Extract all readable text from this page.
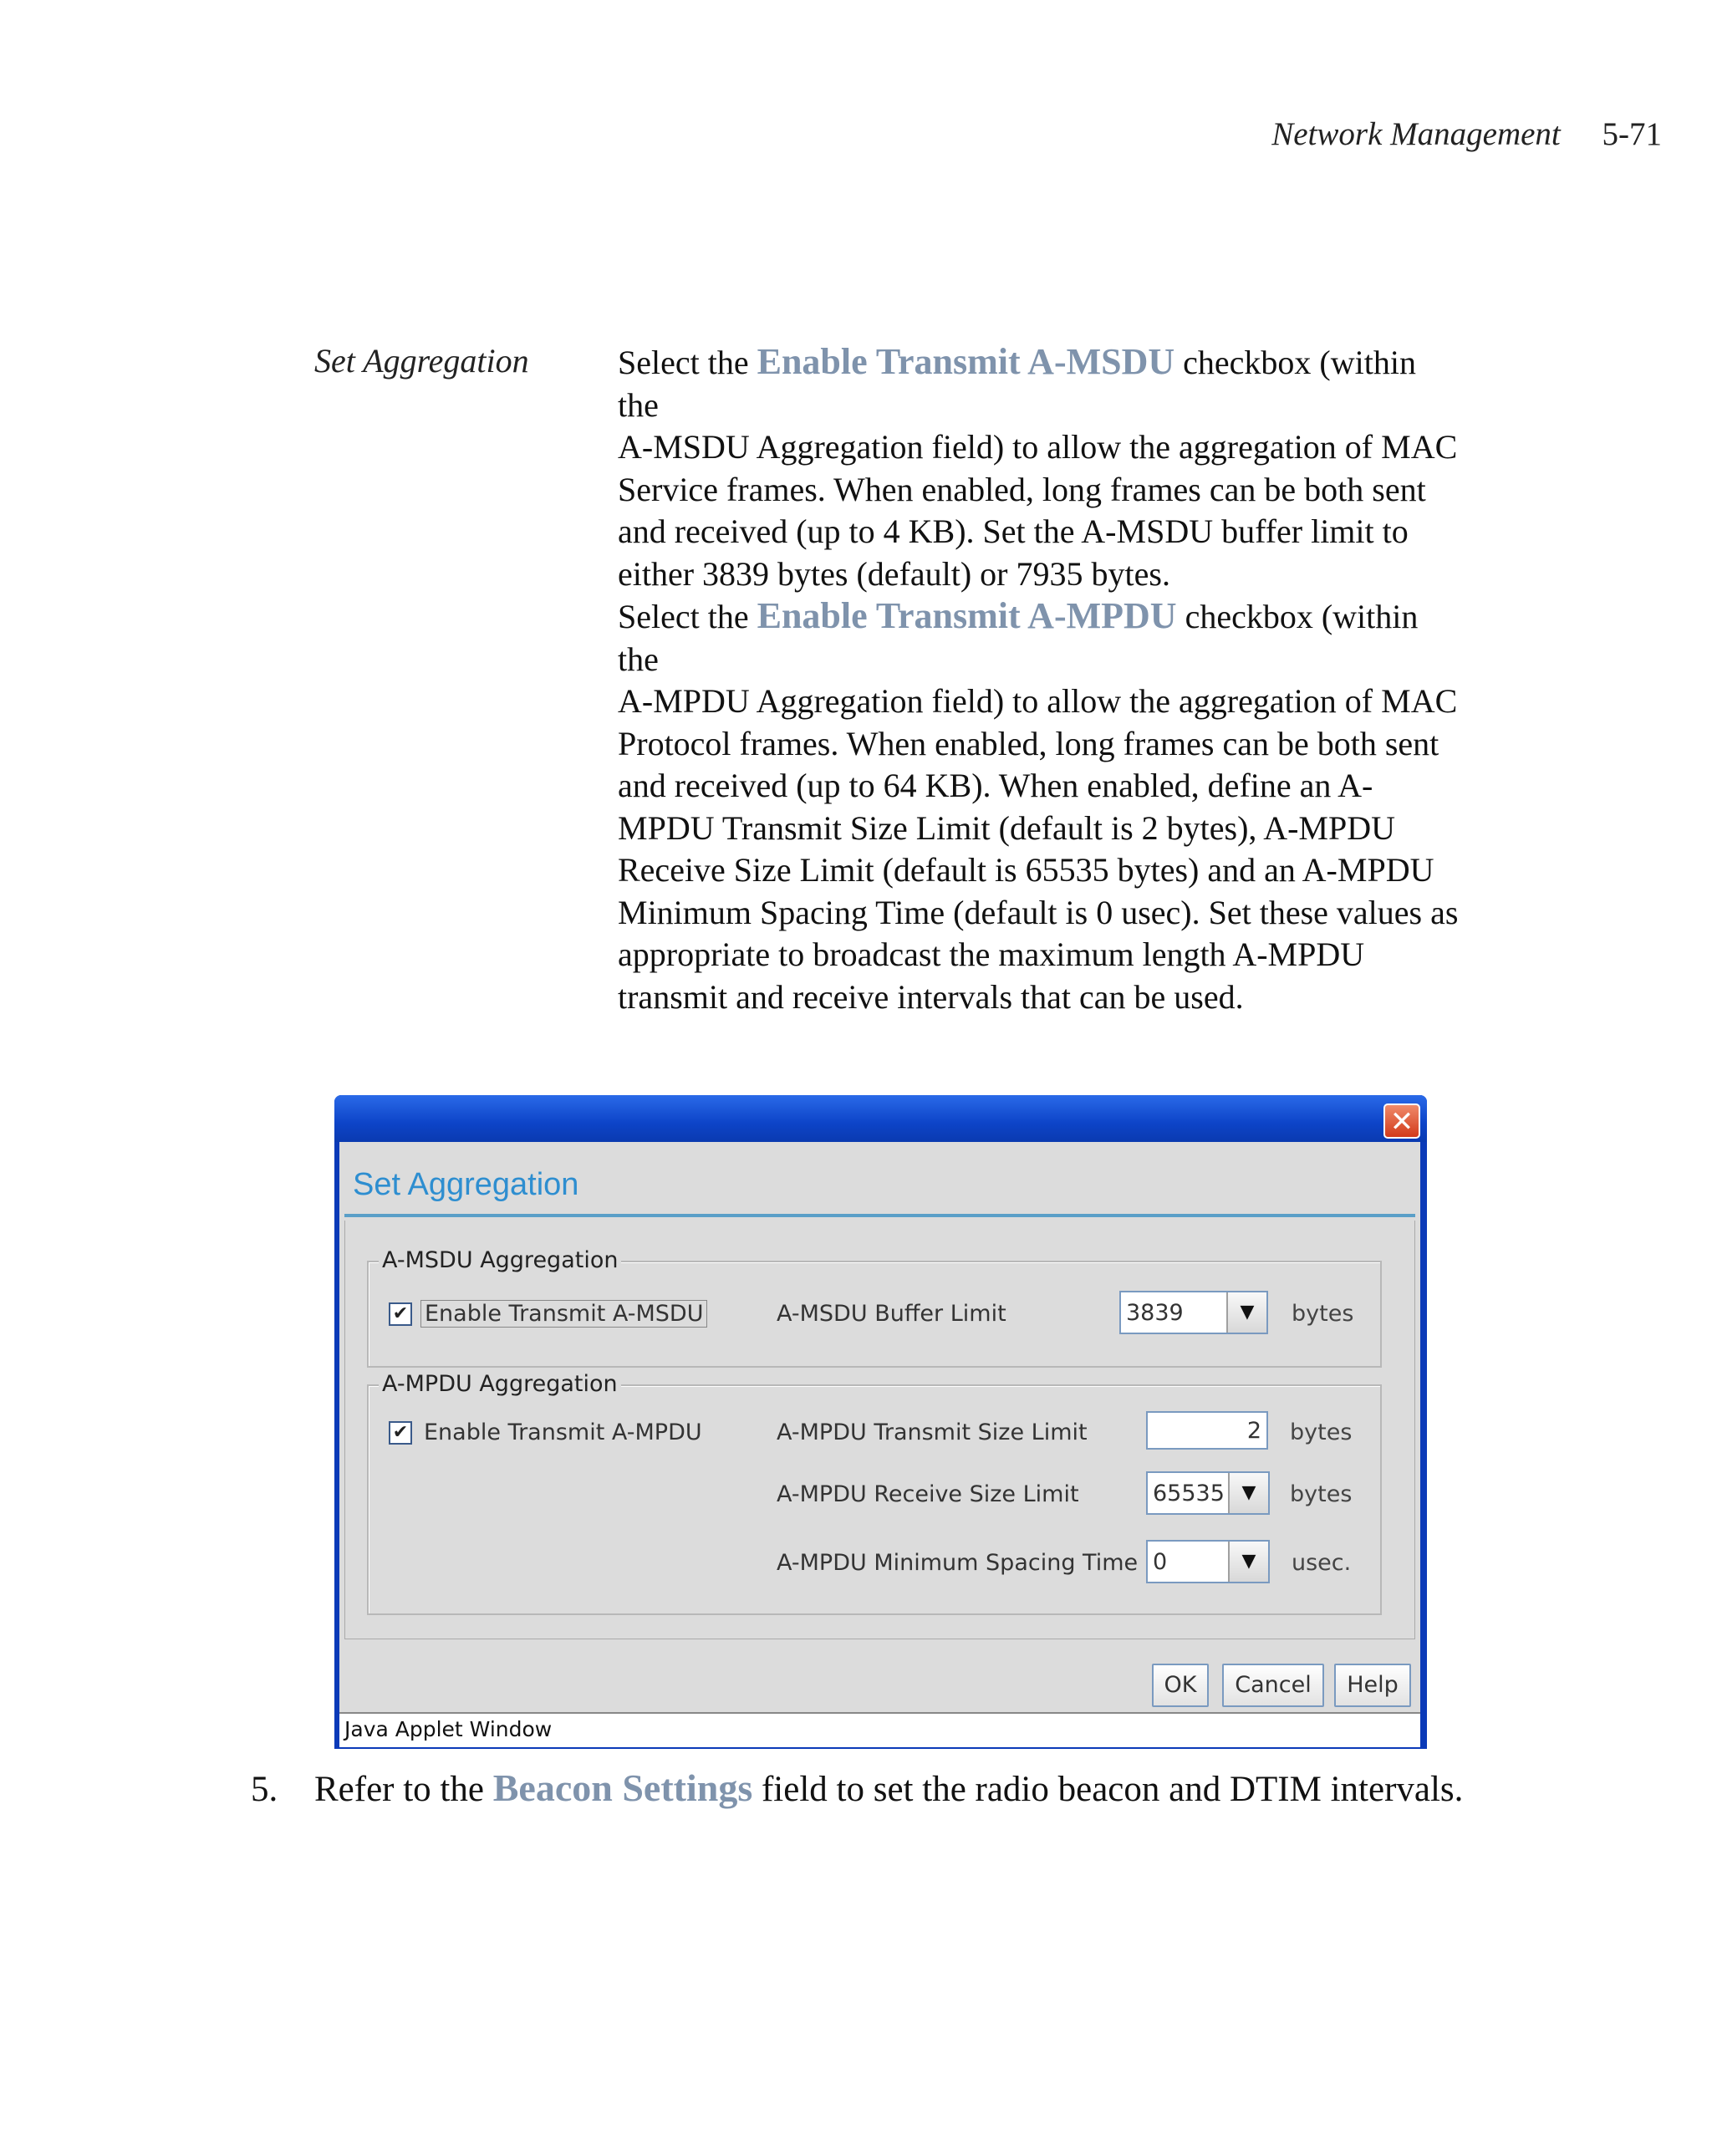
Network Management 5-71
Set Aggregation	Select the Enable Transmit A-MSDU checkbox (within the
A-MSDU Aggregation field) to allow the aggregation of MAC Service frames. When enabled, long frames can be both sent and received (up to 4 KB). Set the A-MSDU buffer limit to either 3839 bytes (default) or 7935 bytes.

Select the Enable Transmit A-MPDU checkbox (within the
A-MPDU Aggregation field) to allow the aggregation of MAC Protocol frames. When enabled, long frames can be both sent and received (up to 64 KB). When enabled, define an A-MPDU Transmit Size Limit (default is 2 bytes), A-MPDU Receive Size Limit (default is 65535 bytes) and an A-MPDU Minimum Spacing Time (default is 0 usec). Set these values as appropriate to broadcast the maximum length A-MPDU transmit and receive intervals that can be used.

✕
Set Aggregation
A-MSDU Aggregation
✔ Enable Transmit A-MSDU	A-MSDU Buffer Limit	3839	▼	bytes
A-MPDU Aggregation
✔ Enable Transmit A-MPDU	A-MPDU Transmit Size Limit	2 bytes
A-MPDU Receive Size Limit	65535 ▼	bytes
A-MPDU Minimum Spacing Time 0	▼	usec.
OK	Cancel	Help
Java Applet Window
5. Refer to the Beacon Settings field to set the radio beacon and DTIM intervals.
